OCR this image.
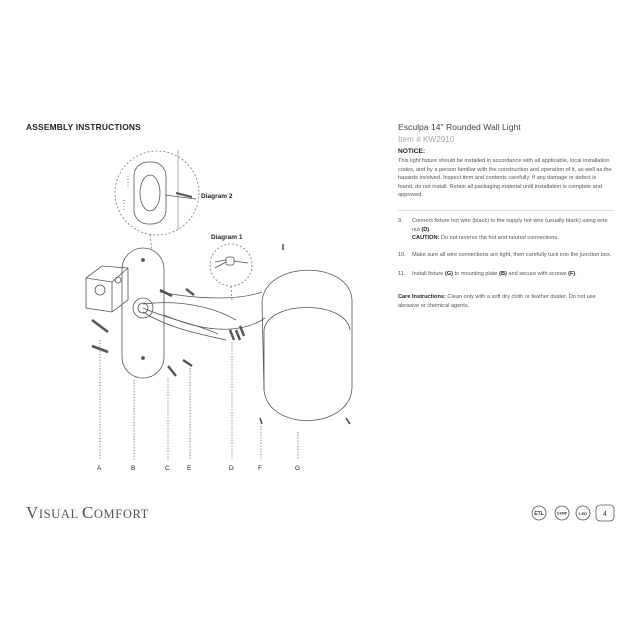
ASSEMBLY INSTRUCTIONS	Esculpa 14" Rounded Wall Light
Item # KW2910
NOTICE:
This light fixture should be installed in accordance with all applicable, local installation codes, and by a person familiar with the construction and operation of it, as well as the hazards involved. Inspect item and contents carefully. If any damage or defect is found, do not install. Retain all packaging material until installation is complete and approved.
9. Connect fixture hot wire (black) to the supply hot wire (usually black) using wire nut (D).
CAUTION: Do not reverse the hot and neutral connections.
10. Make sure all wire connections are tight, then carefully tuck into the junction box.
11. Install fixture (G) to mounting plate (B) and secure with screws (F).
Care Instructions: Clean only with a soft dry cloth or feather duster. Do not use abrasive or chemical agents.
Diagram 2
Diagram 1
A	B	C	E	D	F	G
VISUAL COMFORT	ETL	DAMP	LED 4
